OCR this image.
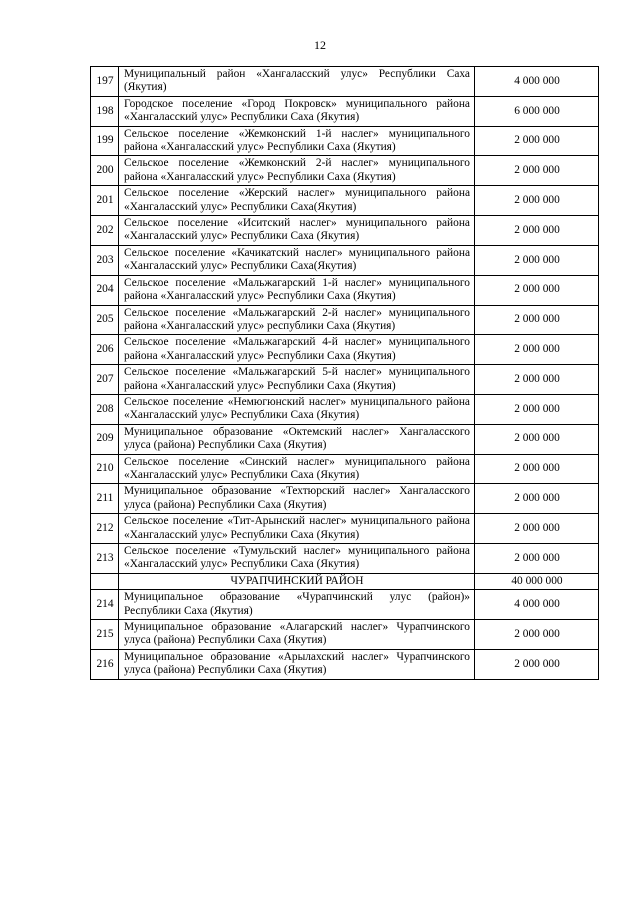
12
197	Муниципальный район «Хангаласский улус» Республики Саха (Якутия)	4 000 000
198	Городское поселение «Город Покровск» муниципального района «Хангаласский улус» Республики Саха (Якутия)	6 000 000
199	Сельское поселение «Жемконский 1-й наслег» муниципального района «Хангаласский улус» Республики Саха (Якутия)	2 000 000
200	Сельское поселение «Жемконский 2-й наслег» муниципального района «Хангаласский улус» Республики Саха (Якутия)	2 000 000
201	Сельское поселение «Жерский наслег» муниципального района «Хангаласский улус» Республики Саха(Якутия)	2 000 000
202	Сельское поселение «Иситский наслег» муниципального района «Хангаласский улус» Республики Саха (Якутия)	2 000 000
203	Сельское поселение «Качикатский наслег» муниципального района «Хангаласский улус» Республики Саха(Якутия)	2 000 000
204	Сельское поселение «Мальжагарский 1-й наслег» муниципального района «Хангаласский улус» Республики Саха (Якутия)	2 000 000
205	Сельское поселение «Мальжагарский 2-й наслег» муниципального района «Хангаласский улус» республики Саха (Якутия)	2 000 000
206	Сельское поселение «Мальжагарский 4-й наслег» муниципального района «Хангаласский улус» Республики Саха (Якутия)	2 000 000
207	Сельское поселение «Мальжагарский 5-й наслег» муниципального района «Хангаласский улус» Республики Саха (Якутия)	2 000 000
208	Сельское поселение «Немюгюнский наслег» муниципального района «Хангаласский улус» Республики Саха (Якутия)	2 000 000
209	Муниципальное образование «Октемский наслег» Хангаласского улуса (района) Республики Саха (Якутия)	2 000 000
210	Сельское поселение «Синский наслег» муниципального района «Хангаласский улус» Республики Саха (Якутия)	2 000 000
211	Муниципальное образование «Техтюрский наслег» Хангаласского улуса (района) Республики Саха (Якутия)	2 000 000
212	Сельское поселение «Тит-Арынский наслег» муниципального района «Хангаласский улус» Республики Саха (Якутия)	2 000 000
213	Сельское поселение «Тумульский наслег» муниципального района «Хангаласский улус» Республики Саха (Якутия)	2 000 000
	ЧУРАПЧИНСКИЙ РАЙОН	40 000 000
214	Муниципальное образование «Чурапчинский улус (район)» Республики Саха (Якутия)	4 000 000
215	Муниципальное образование «Алагарский наслег» Чурапчинского улуса (района) Республики Саха (Якутия)	2 000 000
216	Муниципальное образование «Арылахский наслег» Чурапчинского улуса (района) Республики Саха (Якутия)	2 000 000
